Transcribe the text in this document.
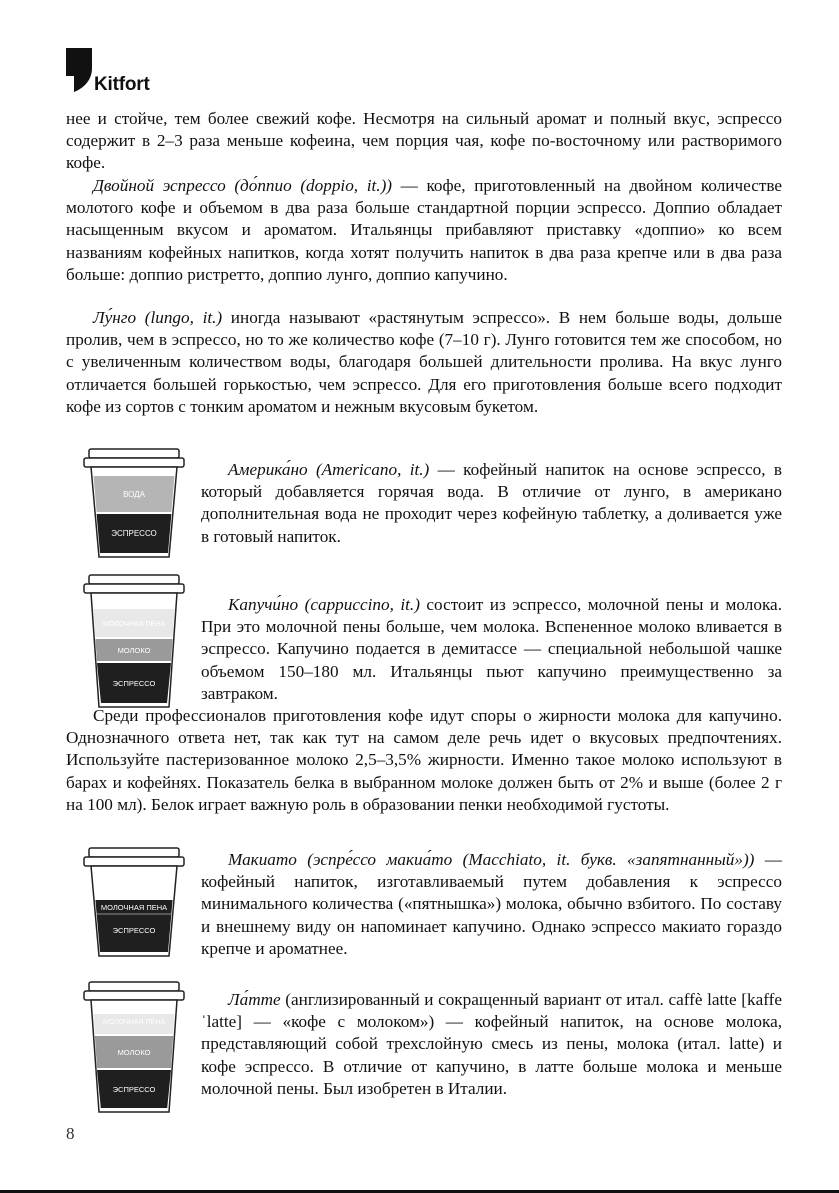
Kitfort

нее и стойче, тем более свежий кофе. Несмотря на сильный аромат и полный вкус, эспрессо содержит в 2–3 раза меньше кофеина, чем порция чая, кофе по-восточному или растворимого кофе.

Двойной эспрессо (до́ппио (doppio, it.)) — кофе, приготовленный на двойном количестве молотого кофе и объемом в два раза больше стандартной порции эспрессо. Доппио обладает насыщенным вкусом и ароматом. Итальянцы прибавляют приставку «доппио» ко всем названиям кофейных напитков, когда хотят получить напиток в два раза крепче или в два раза больше: доппио ристретто, доппио лунго, доппио капучино.

Лу́нго (lungo, it.) иногда называют «растянутым эспрессо». В нем больше воды, дольше пролив, чем в эспрессо, но то же количество кофе (7–10 г). Лунго готовится тем же способом, но с увеличенным количеством воды, благодаря большей длительности пролива. На вкус лунго отличается большей горькостью, чем эспрессо. Для его приготовления больше всего подходит кофе из сортов с тонким ароматом и нежным вкусовым букетом.

ВОДА
ЭСПРЕССО

Америка́но (Americano, it.) — кофейный напиток на основе эспрессо, в который добавляется горячая вода. В отличие от лунго, в американо дополнительная вода не проходит через кофейную таблетку, а доливается уже в готовый напиток.

МОЛОЧНАЯ ПЕНА
МОЛОКО
ЭСПРЕССО

Капучи́но (cappuccino, it.) состоит из эспрессо, молочной пены и молока. При это молочной пены больше, чем молока. Вспененное молоко вливается в эспрессо. Капучино подается в демитассе — специальной небольшой чашке объемом 150–180 мл. Итальянцы пьют капучино преимущественно за завтраком.

Среди профессионалов приготовления кофе идут споры о жирности молока для капучино. Однозначного ответа нет, так как тут на самом деле речь идет о вкусовых предпочтениях. Используйте пастеризованное молоко 2,5–3,5% жирности. Именно такое молоко используют в барах и кофейнях. Показатель белка в выбранном молоке должен быть от 2% и выше (более 2 г на 100 мл). Белок играет важную роль в образовании пенки необходимой густоты.

МОЛОЧНАЯ ПЕНА
ЭСПРЕССО

Макиато (эспре́ссо макиа́то (Macchiato, it. букв. «запятнанный»)) — кофейный напиток, изготавливаемый путем добавления к эспрессо минимального количества («пятнышка») молока, обычно взбитого. По составу и внешнему виду он напоминает капучино. Однако эспрессо макиато гораздо крепче и ароматнее.

МОЛОЧНАЯ ПЕНА
МОЛОКО
ЭСПРЕССО

Ла́тте (англизированный и сокращенный вариант от итал. caffè latte [kaffeˈlatte] — «кофе с молоком») — кофейный напиток, на основе молока, представляющий собой трехслойную смесь из пены, молока (итал. latte) и кофе эспрессо. В отличие от капучино, в латте больше молока и меньше молочной пены. Был изобретен в Италии.

8
